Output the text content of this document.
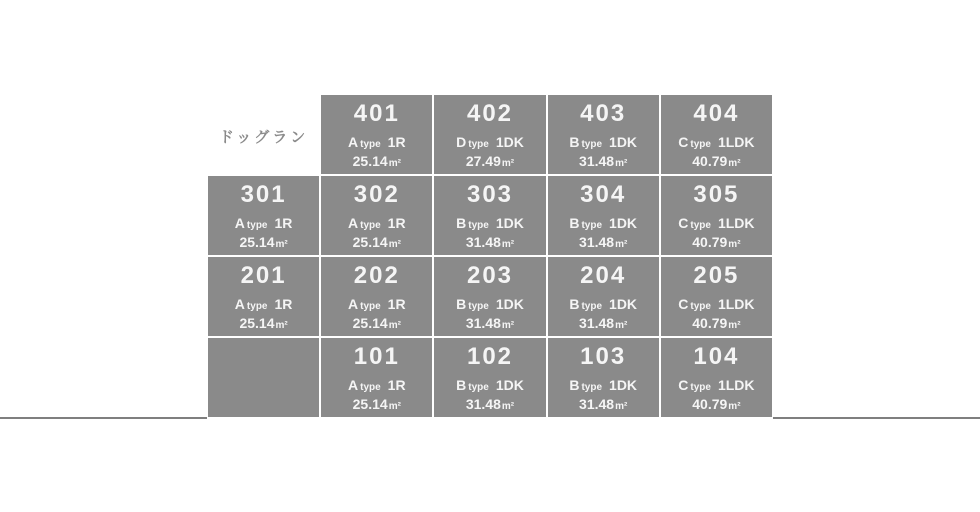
ドッグラン
401
A type 1R
25.14m²
402
D type 1DK
27.49m²
403
B type 1DK
31.48m²
404
C type 1LDK
40.79m²
301
A type 1R
25.14m²
302
A type 1R
25.14m²
303
B type 1DK
31.48m²
304
B type 1DK
31.48m²
305
C type 1LDK
40.79m²
201
A type 1R
25.14m²
202
A type 1R
25.14m²
203
B type 1DK
31.48m²
204
B type 1DK
31.48m²
205
C type 1LDK
40.79m²
101
A type 1R
25.14m²
102
B type 1DK
31.48m²
103
B type 1DK
31.48m²
104
C type 1LDK
40.79m²
